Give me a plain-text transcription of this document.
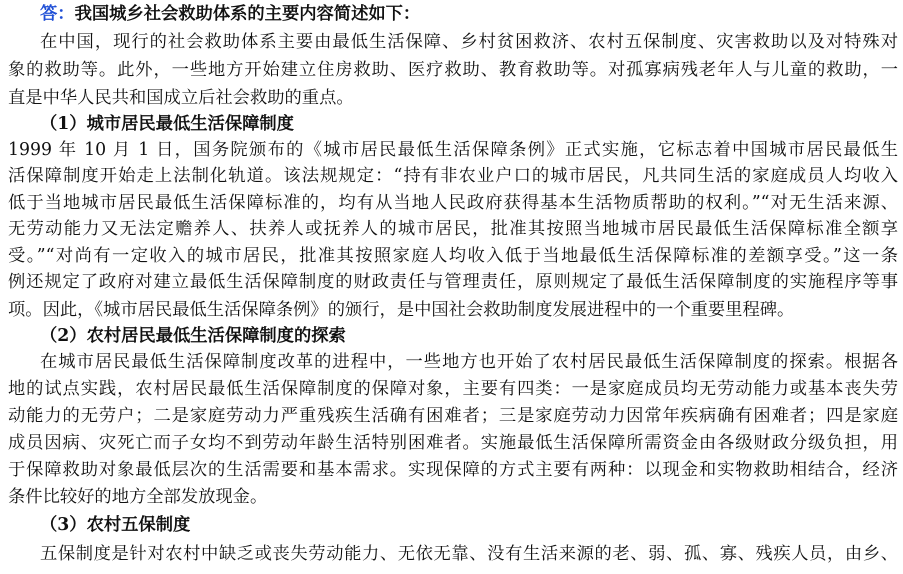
答：我国城乡社会救助体系的主要内容简述如下：
在中国，现行的社会救助体系主要由最低生活保障、乡村贫困救济、农村五保制度、灾害救助以及对特殊对
象的救助等。此外，一些地方开始建立住房救助、医疗救助、教育救助等。对孤寡病残老年人与儿童的救助，一
直是中华人民共和国成立后社会救助的重点。
（1）城市居民最低生活保障制度
1999 年 10 月 1 日，国务院颁布的《城市居民最低生活保障条例》正式实施，它标志着中国城市居民最低生
活保障制度开始走上法制化轨道。该法规规定：“持有非农业户口的城市居民，凡共同生活的家庭成员人均收入
低于当地城市居民最低生活保障标准的，均有从当地人民政府获得基本生活物质帮助的权利。”“对无生活来源、
无劳动能力又无法定赡养人、扶养人或抚养人的城市居民，批准其按照当地城市居民最低生活保障标准全额享
受。”“对尚有一定收入的城市居民，批准其按照家庭人均收入低于当地最低生活保障标准的差额享受。”这一条
例还规定了政府对建立最低生活保障制度的财政责任与管理责任，原则规定了最低生活保障制度的实施程序等事
项。因此，《城市居民最低生活保障条例》的颁行，是中国社会救助制度发展进程中的一个重要里程碑。
（2）农村居民最低生活保障制度的探索
在城市居民最低生活保障制度改革的进程中，一些地方也开始了农村居民最低生活保障制度的探索。根据各
地的试点实践，农村居民最低生活保障制度的保障对象，主要有四类：一是家庭成员均无劳动能力或基本丧失劳
动能力的无劳户；二是家庭劳动力严重残疾生活确有困难者；三是家庭劳动力因常年疾病确有困难者；四是家庭
成员因病、灾死亡而子女均不到劳动年龄生活特别困难者。实施最低生活保障所需资金由各级财政分级负担，用
于保障救助对象最低层次的生活需要和基本需求。实现保障的方式主要有两种：以现金和实物救助相结合，经济
条件比较好的地方全部发放现金。
（3）农村五保制度
五保制度是针对农村中缺乏或丧失劳动能力、无依无靠、没有生活来源的老、弱、孤、寡、残疾人员，由乡、
